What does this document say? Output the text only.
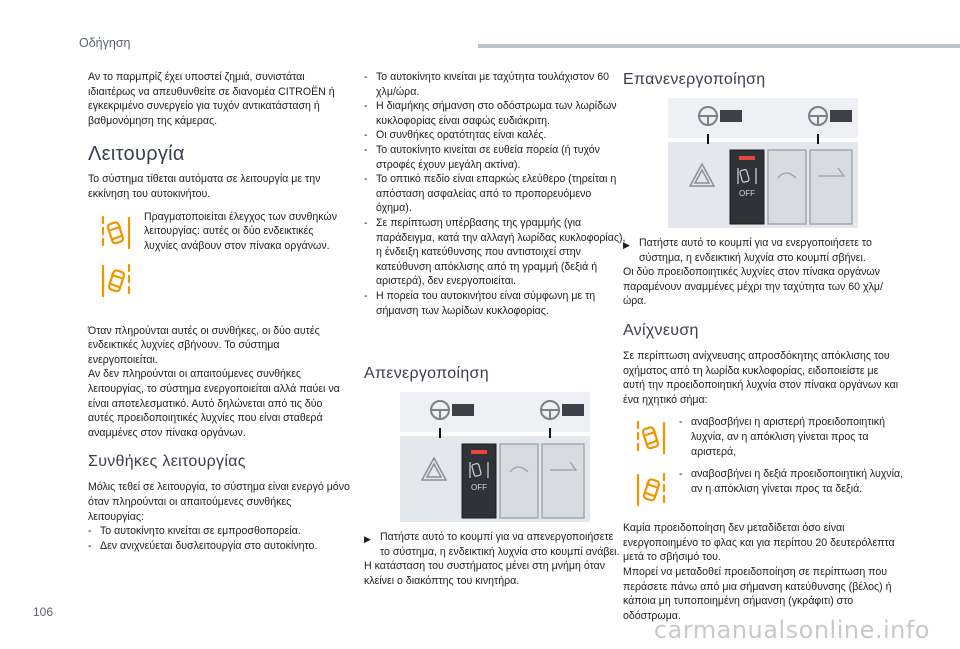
Οδήγηση

Αν το παρμπρίζ έχει υποστεί ζημιά, συνιστάται ιδιαιτέρως να απευθυνθείτε σε διανομέα CITROËN ή εγκεκριμένο συνεργείο για τυχόν αντικατάσταση ή βαθμονόμηση της κάμερας.

Λειτουργία

Το σύστημα τίθεται αυτόματα σε λειτουργία με την εκκίνηση του αυτοκινήτου.

Πραγματοποιείται έλεγχος των συνθηκών λειτουργίας: αυτές οι δύο ενδεικτικές λυχνίες ανάβουν στον πίνακα οργάνων.

Όταν πληρούνται αυτές οι συνθήκες, οι δύο αυτές ενδεικτικές λυχνίες σβήνουν. Το σύστημα ενεργοποιείται.

Αν δεν πληρούνται οι απαιτούμενες συνθήκες λειτουργίας, το σύστημα ενεργοποιείται αλλά παύει να είναι αποτελεσματικό. Αυτό δηλώνεται από τις δύο αυτές προειδοποιητικές λυχνίες που είναι σταθερά αναμμένες στον πίνακα οργάνων.

Συνθήκες λειτουργίας

Μόλις τεθεί σε λειτουργία, το σύστημα είναι ενεργό μόνο όταν πληρούνται οι απαιτούμενες συνθήκες λειτουργίας:

- Το αυτοκίνητο κινείται σε εμπροσθοπορεία.
- Δεν ανιχνεύεται δυσλειτουργία στο αυτοκίνητο.
- Το αυτοκίνητο κινείται με ταχύτητα τουλάχιστον 60 χλμ/ώρα.
- Η διαμήκης σήμανση στο οδόστρωμα των λωρίδων κυκλοφορίας είναι σαφώς ευδιάκριτη.
- Οι συνθήκες ορατότητας είναι καλές.
- Το αυτοκίνητο κινείται σε ευθεία πορεία (ή τυχόν στροφές έχουν μεγάλη ακτίνα).
- Το οπτικό πεδίο είναι επαρκώς ελεύθερο (τηρείται η απόσταση ασφαλείας από το προπορευόμενο όχημα).
- Σε περίπτωση υπέρβασης της γραμμής (για παράδειγμα, κατά την αλλαγή λωρίδας κυκλοφορίας), η ένδειξη κατεύθυνσης που αντιστοιχεί στην κατεύθυνση απόκλισης από τη γραμμή (δεξιά ή αριστερά), δεν ενεργοποιείται.
- Η πορεία του αυτοκινήτου είναι σύμφωνη με τη σήμανση των λωρίδων κυκλοφορίας.
Απενεργοποίηση
OFF
▶ Πατήστε αυτό το κουμπί για να απενεργοποιήσετε το σύστημα, η ενδεικτική λυχνία στο κουμπί ανάβει.

Η κατάσταση του συστήματος μένει στη μνήμη όταν κλείνει ο διακόπτης του κινητήρα.

Επανενεργοποίηση
OFF
▶ Πατήστε αυτό το κουμπί για να ενεργοποιήσετε το σύστημα, η ενδεικτική λυχνία στο κουμπί σβήνει.

Οι δύο προειδοποιητικές λυχνίες στον πίνακα οργάνων παραμένουν αναμμένες μέχρι την ταχύτητα των 60 χλμ/ώρα.

Ανίχνευση

Σε περίπτωση ανίχνευσης απροσδόκητης απόκλισης του οχήματος από τη λωρίδα κυκλοφορίας, ειδοποιείστε με αυτή την προειδοποιητική λυχνία στον πίνακα οργάνων και ένα ηχητικό σήμα:

- αναβοσβήνει η αριστερή προειδοποιητική λυχνία, αν η απόκλιση γίνεται προς τα αριστερά,
- αναβοσβήνει η δεξιά προειδοποιητική λυχνία, αν η απόκλιση γίνεται προς τα δεξιά.

Καμία προειδοποίηση δεν μεταδίδεται όσο είναι ενεργοποιημένο το φλας και για περίπου 20 δευτερόλεπτα μετά το σβήσιμό του.

Μπορεί να μεταδοθεί προειδοποίηση σε περίπτωση που περάσετε πάνω από μια σήμανση κατεύθυνσης (βέλος) ή κάποια μη τυποποιημένη σήμανση (γκράφιτι) στο οδόστρωμα.

106
carmanualsonline.info
